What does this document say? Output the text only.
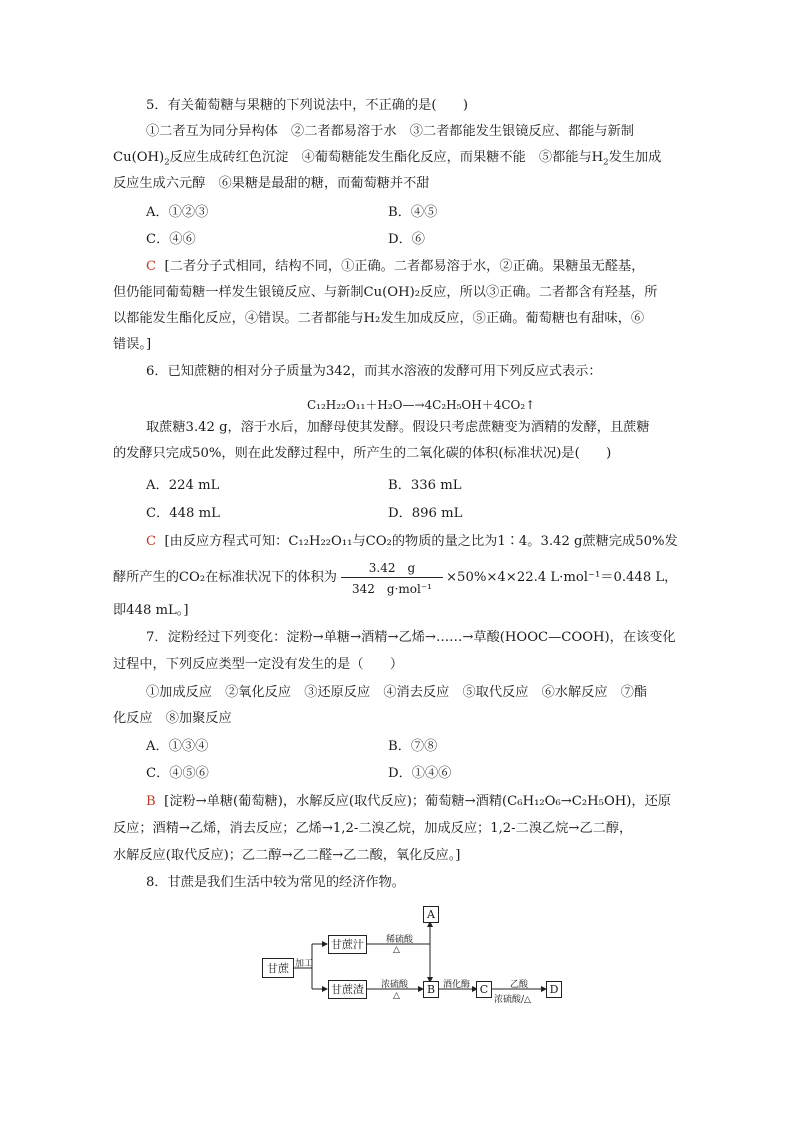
5．有关葡萄糖与果糖的下列说法中，不正确的是(　　)
①二者互为同分异构体　②二者都易溶于水　③二者都能发生银镜反应、都能与新制
$Cu(OH)_2$反应生成砖红色沉淀　④葡萄糖能发生酯化反应，而果糖不能　⑤都能与$H_2$发生加成
反应生成六元醇　⑥果糖是最甜的糖，而葡萄糖并不甜
A．①②③	B．④⑤
C．④⑥	D．⑥
C [二者分子式相同，结构不同，①正确。二者都易溶于水，②正确。果糖虽无醛基，
但仍能同葡萄糖一样发生银镜反应、与新制Cu(OH)₂反应，所以③正确。二者都含有羟基，所
以都能发生酯化反应，④错误。二者都能与H₂发生加成反应，⑤正确。葡萄糖也有甜味，⑥
错误。]
6．已知蔗糖的相对分子质量为342，而其水溶液的发酵可用下列反应式表示：
C₁₂H₂₂O₁₁＋H₂O—→4C₂H₅OH＋4CO₂↑
取蔗糖3.42 g，溶于水后，加酵母使其发酵。假设只考虑蔗糖变为酒精的发酵，且蔗糖
的发酵只完成50%，则在此发酵过程中，所产生的二氧化碳的体积(标准状况)是(　　)
A．224 mL	B．336 mL
C．448 mL	D．896 mL
C [由反应方程式可知：C₁₂H₂₂O₁₁与CO₂的物质的量之比为1∶4。3.42 g蔗糖完成50%发
酵所产生的CO₂在标准状况下的体积为
3.42　g
342　g·mol⁻¹
×50%×4×22.4 L·mol⁻¹＝0.448 L，
即448 mL。]
7．淀粉经过下列变化：淀粉→单糖→酒精→乙烯→……→草酸(HOOC—COOH)，在该变化
过程中，下列反应类型一定没有发生的是（　　）
①加成反应　②氧化反应　③还原反应　④消去反应　⑤取代反应　⑥水解反应　⑦酯
化反应　⑧加聚反应
A．①③④	B．⑦⑧
C．④⑤⑥	D．①④⑥
B [淀粉→单糖(葡萄糖)，水解反应(取代反应)；葡萄糖→酒精(C₆H₁₂O₆→C₂H₅OH)，还原
反应；酒精→乙烯，消去反应；乙烯→1,2-二溴乙烷，加成反应；1,2-二溴乙烷→乙二醇，
水解反应(取代反应)；乙二醇→乙二醛→乙二酸，氧化反应。]
8．甘蔗是我们生活中较为常见的经济作物。
甘蔗 加工
甘蔗汁
甘蔗渣
A
稀硫酸
△
浓硫酸
△	B 酒化酶 C	乙酸
浓硫酸/△
D
